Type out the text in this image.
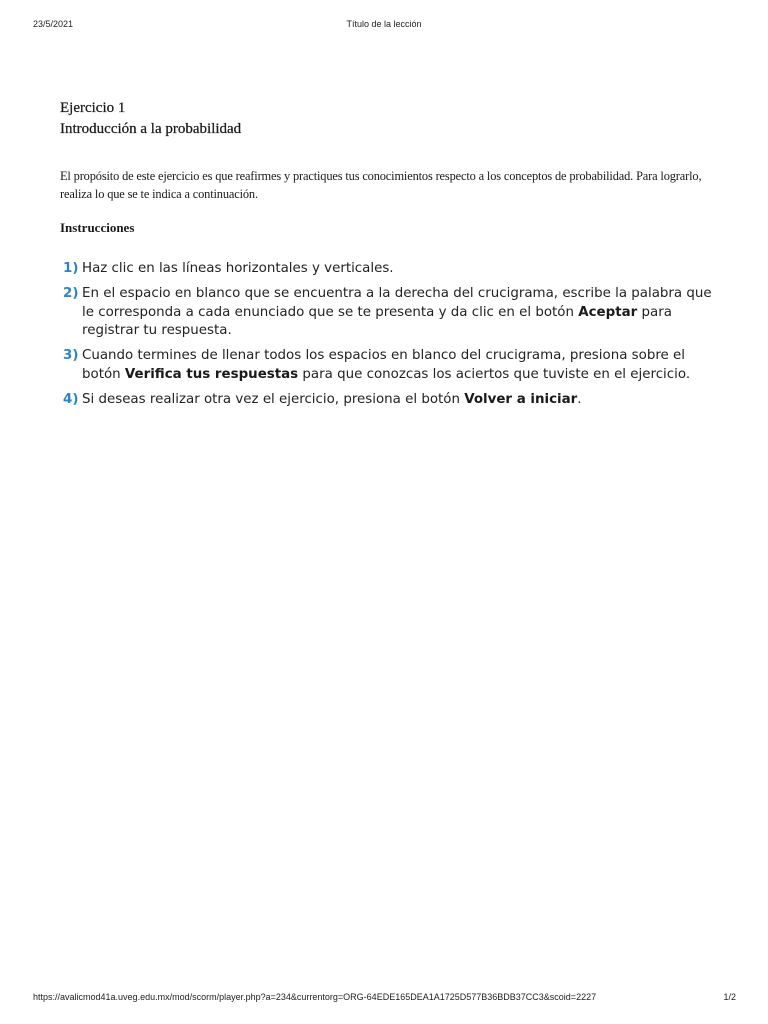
23/5/2021	Título de la lección
Ejercicio 1
Introducción a la probabilidad

El propósito de este ejercicio es que reafirmes y practiques tus conocimientos respecto a los conceptos de probabilidad. Para lograrlo, realiza lo que se te indica a continuación.

Instrucciones

1) Haz clic en las líneas horizontales y verticales.
2) En el espacio en blanco que se encuentra a la derecha del crucigrama, escribe la palabra que le corresponda a cada enunciado que se te presenta y da clic en el botón Aceptar para registrar tu respuesta.
3) Cuando termines de llenar todos los espacios en blanco del crucigrama, presiona sobre el botón Verifica tus respuestas para que conozcas los aciertos que tuviste en el ejercicio.
4) Si deseas realizar otra vez el ejercicio, presiona el botón Volver a iniciar.
https://avalicmod41a.uveg.edu.mx/mod/scorm/player.php?a=234&currentorg=ORG-64EDE165DEA1A1725D577B36BDB37CC3&scoid=2227	1/2
